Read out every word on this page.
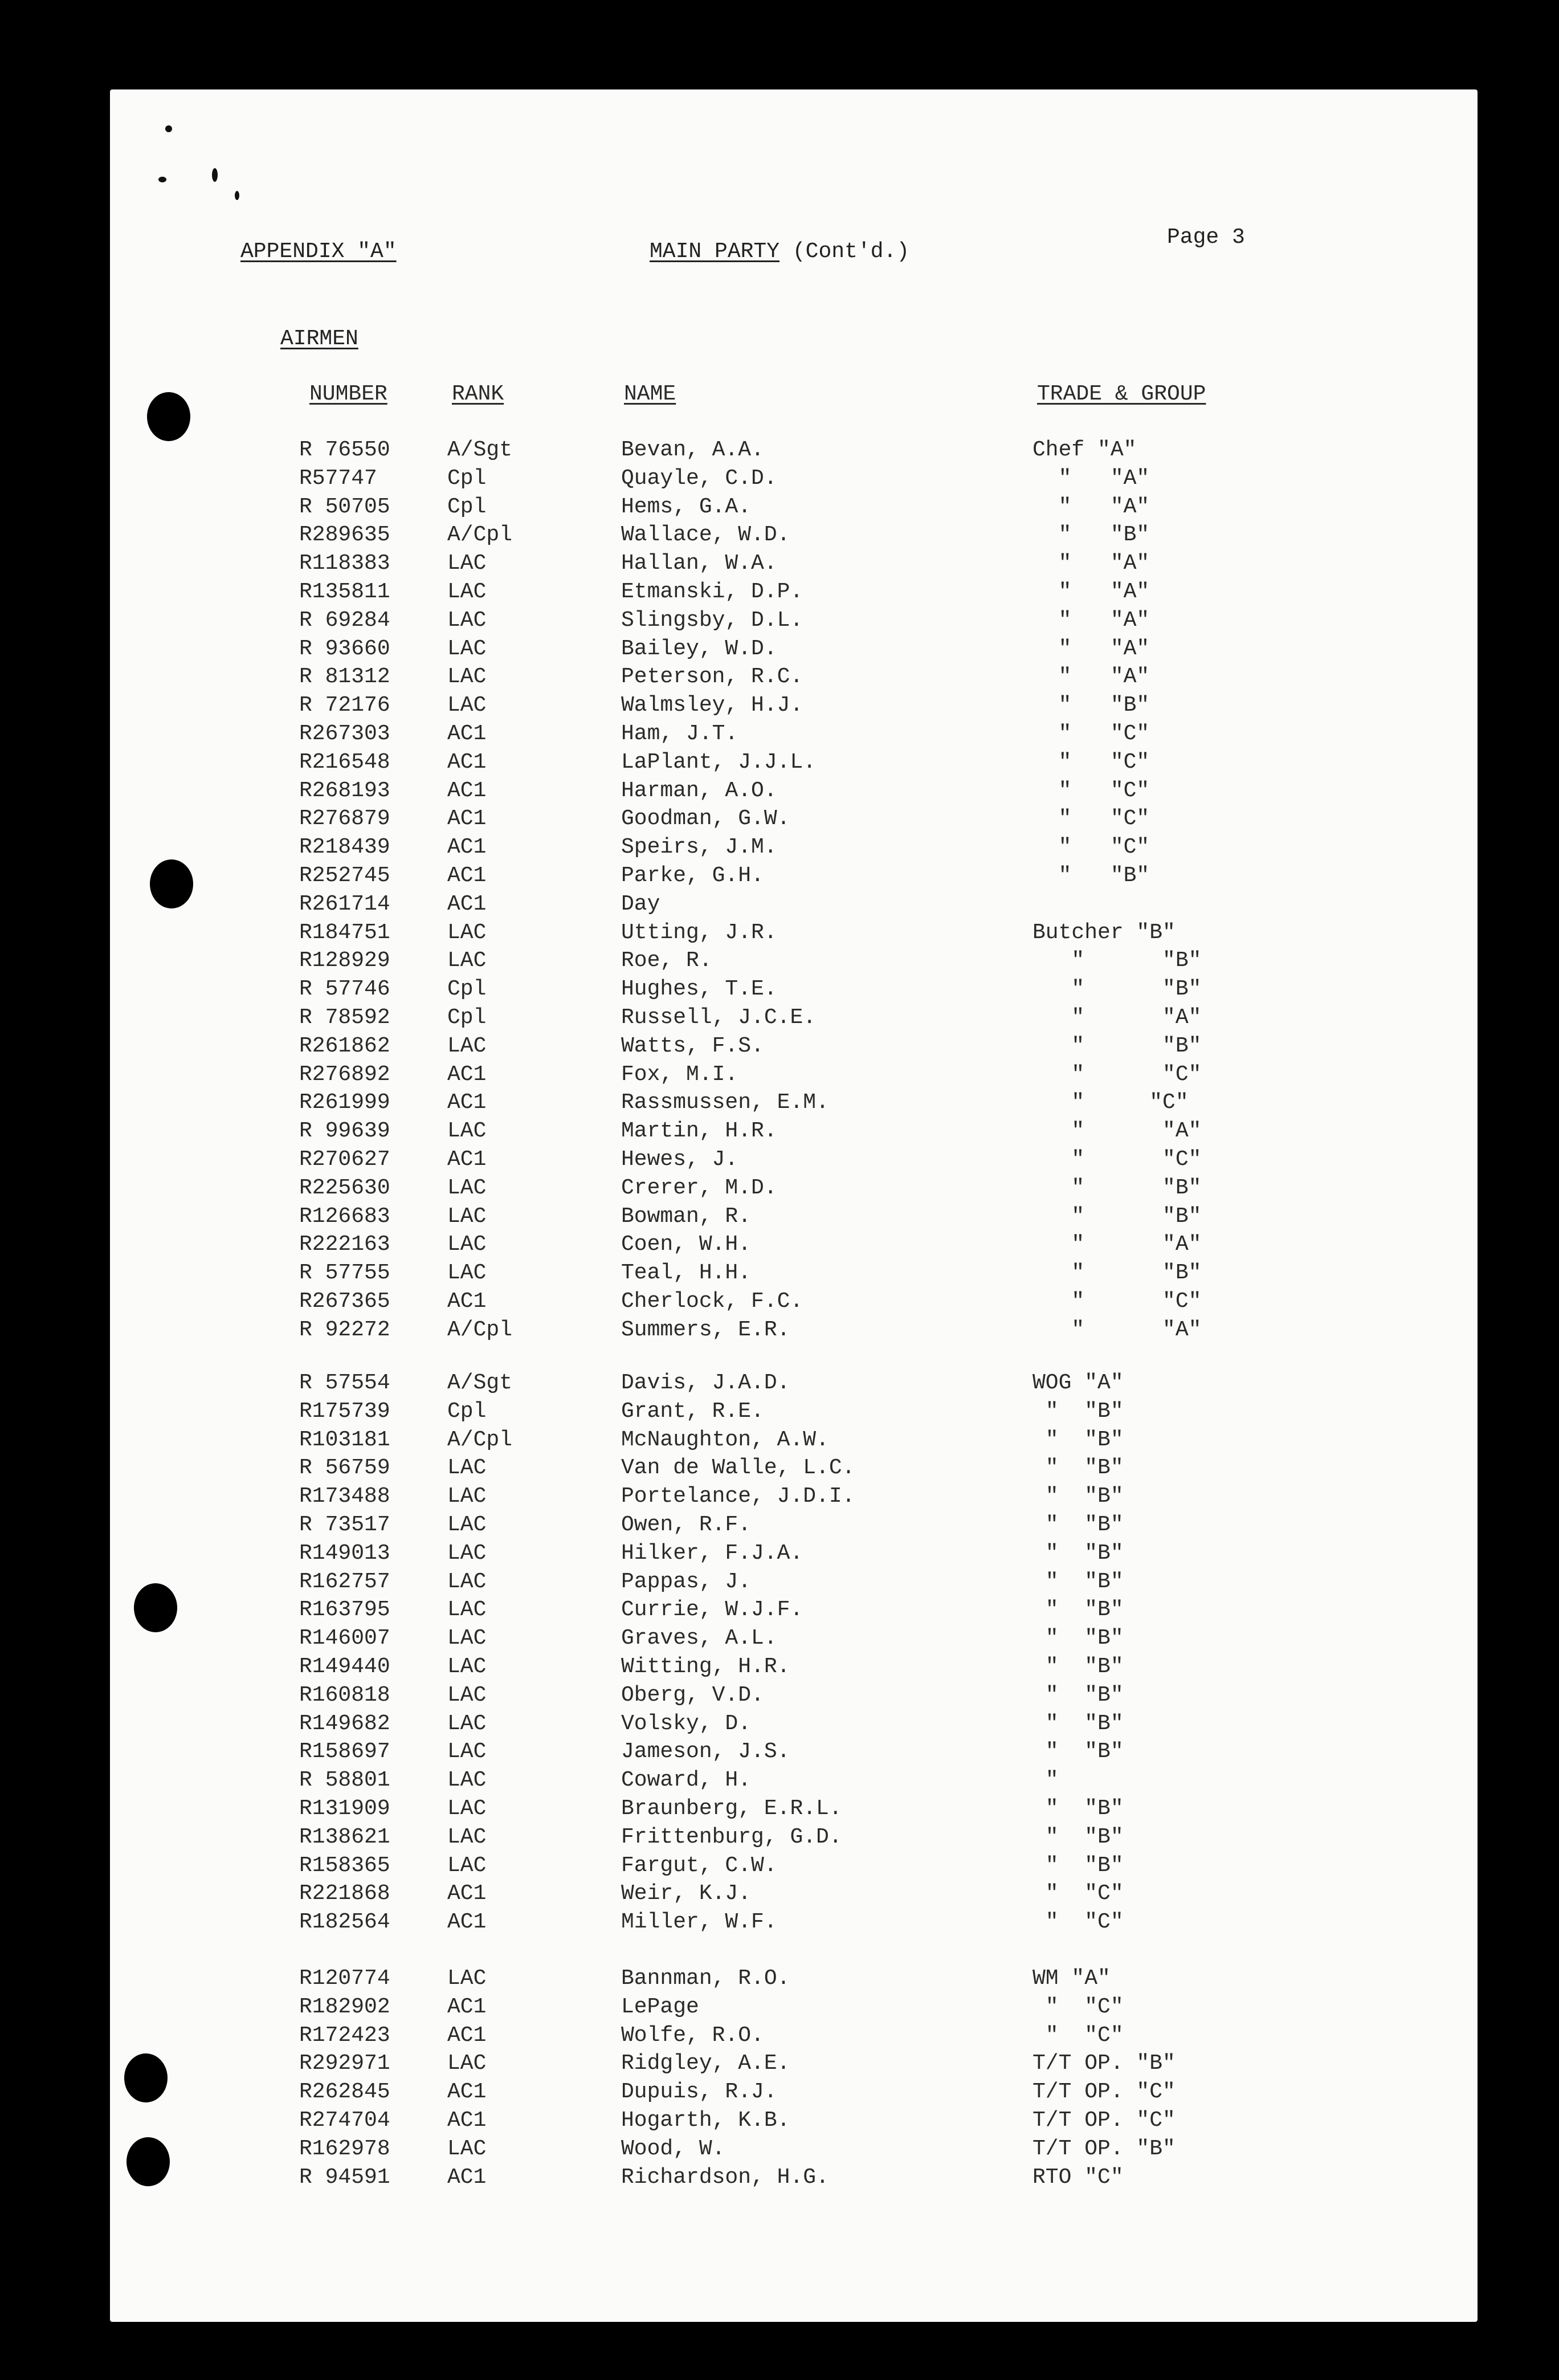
APPENDIX "A"	MAIN PARTY (Cont'd.)
Page 3
AIRMEN
NUMBER	RANK	NAME	TRADE & GROUP
R 76550	A/Sgt	Bevan, A.A.	Chef "A"
R57747	Cpl	Quayle, C.D.	"   "A"
R 50705	Cpl	Hems, G.A.	"   "A"
R289635	A/Cpl	Wallace, W.D.	"   "B"
R118383	LAC	Hallan, W.A.	"   "A"
R135811	LAC	Etmanski, D.P.	"   "A"
R 69284	LAC	Slingsby, D.L.	"   "A"
R 93660	LAC	Bailey, W.D.	"   "A"
R 81312	LAC	Peterson, R.C.	"   "A"
R 72176	LAC	Walmsley, H.J.	"   "B"
R267303	AC1	Ham, J.T.	"   "C"
R216548	AC1	LaPlant, J.J.L.	"   "C"
R268193	AC1	Harman, A.O.	"   "C"
R276879	AC1	Goodman, G.W.	"   "C"
R218439	AC1	Speirs, J.M.	"   "C"
R252745	AC1	Parke, G.H.	"   "B"
R261714	AC1	Day
R184751	LAC	Utting, J.R.	Butcher "B"
R128929	LAC	Roe, R.	"      "B"
R 57746	Cpl	Hughes, T.E.	"      "B"
R 78592	Cpl	Russell, J.C.E.	"      "A"
R261862	LAC	Watts, F.S.	"      "B"
R276892	AC1	Fox, M.I.	"      "C"
R261999	AC1	Rassmussen, E.M.	"     "C"
R 99639	LAC	Martin, H.R.	"      "A"
R270627	AC1	Hewes, J.	"      "C"
R225630	LAC	Crerer, M.D.	"      "B"
R126683	LAC	Bowman, R.	"      "B"
R222163	LAC	Coen, W.H.	"      "A"
R 57755	LAC	Teal, H.H.	"      "B"
R267365	AC1	Cherlock, F.C.	"      "C"
R 92272	A/Cpl	Summers, E.R.	"      "A"
R 57554	A/Sgt	Davis, J.A.D.	WOG "A"
R175739	Cpl	Grant, R.E.	"  "B"
R103181	A/Cpl	McNaughton, A.W.	"  "B"
R 56759	LAC	Van de Walle, L.C.	"  "B"
R173488	LAC	Portelance, J.D.I.	"  "B"
R 73517	LAC	Owen, R.F.	"  "B"
R149013	LAC	Hilker, F.J.A.	"  "B"
R162757	LAC	Pappas, J.	"  "B"
R163795	LAC	Currie, W.J.F.	"  "B"
R146007	LAC	Graves, A.L.	"  "B"
R149440	LAC	Witting, H.R.	"  "B"
R160818	LAC	Oberg, V.D.	"  "B"
R149682	LAC	Volsky, D.	"  "B"
R158697	LAC	Jameson, J.S.	"  "B"
R 58801	LAC	Coward, H.	"
R131909	LAC	Braunberg, E.R.L.	"  "B"
R138621	LAC	Frittenburg, G.D.	"  "B"
R158365	LAC	Fargut, C.W.	"  "B"
R221868	AC1	Weir, K.J.	"  "C"
R182564	AC1	Miller, W.F.	"  "C"
R120774	LAC	Bannman, R.O.	WM "A"
R182902	AC1	LePage	"  "C"
R172423	AC1	Wolfe, R.O.	"  "C"
R292971	LAC	Ridgley, A.E.	T/T OP. "B"
R262845	AC1	Dupuis, R.J.	T/T OP. "C"
R274704	AC1	Hogarth, K.B.	T/T OP. "C"
R162978	LAC	Wood, W.	T/T OP. "B"
R 94591	AC1	Richardson, H.G.	RTO "C"
